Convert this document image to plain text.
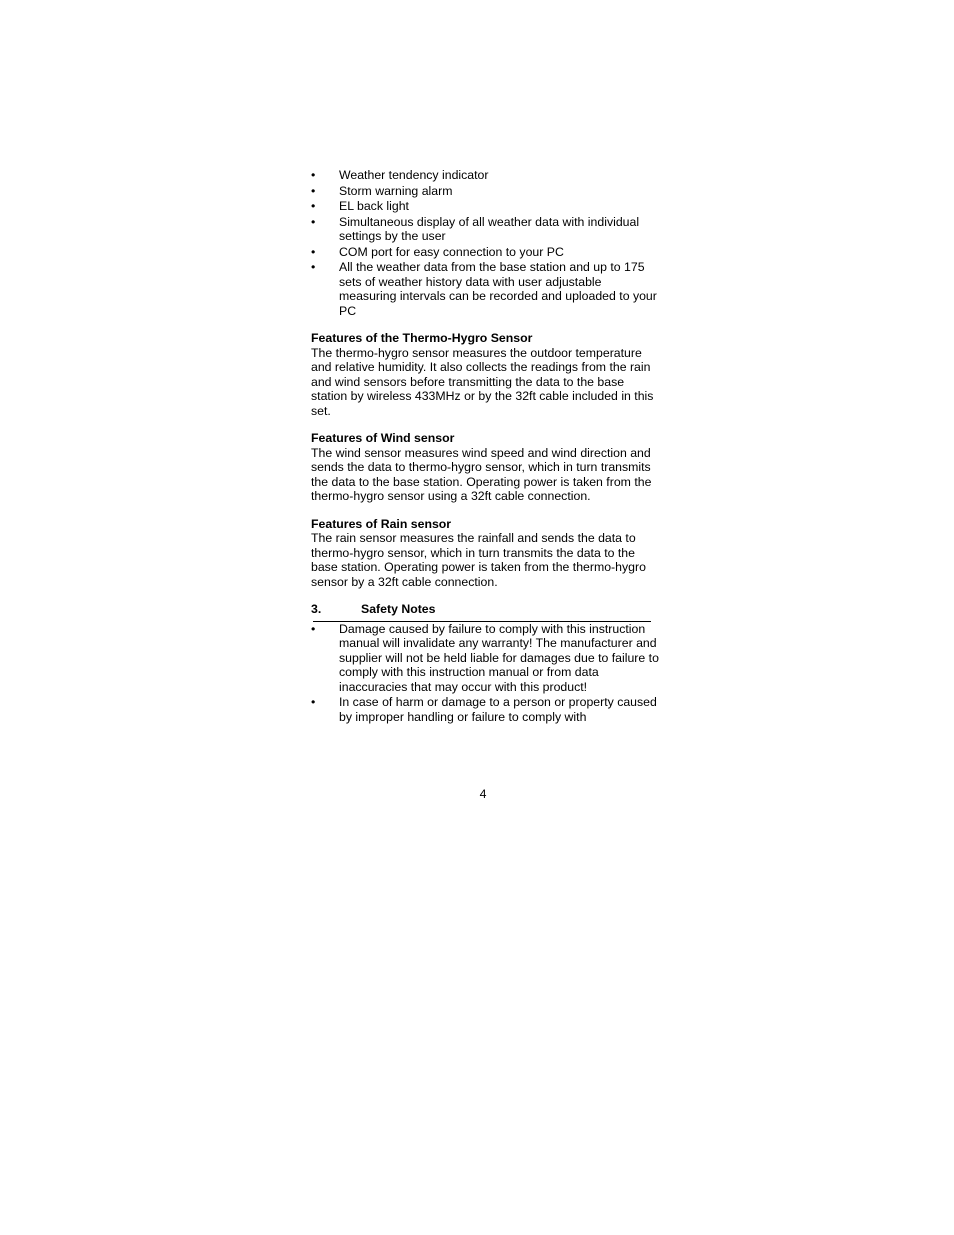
•	Weather tendency indicator
•	Storm warning alarm
•	EL back light
•	Simultaneous display of all weather data with individual settings by the user
•	COM port for easy connection to your PC
•	All the weather data from the base station and up to 175 sets of weather history data with user adjustable measuring intervals can be recorded and uploaded to your PC
Features of the Thermo-Hygro Sensor

The thermo-hygro sensor measures the outdoor temperature and relative humidity. It also collects the readings from the rain and wind sensors before transmitting the data to the base station by wireless 433MHz or by the 32ft cable included in this set.

Features of Wind sensor

The wind sensor measures wind speed and wind direction and sends the data to thermo-hygro sensor, which in turn transmits the data to the base station. Operating power is taken from the thermo-hygro sensor using a 32ft cable connection.

Features of Rain sensor

The rain sensor measures the rainfall and sends the data to thermo-hygro sensor, which in turn transmits the data to the base station. Operating power is taken from the thermo-hygro sensor by a 32ft cable connection.

3.	Safety Notes
•	Damage caused by failure to comply with this instruction manual will invalidate any warranty! The manufacturer and supplier will not be held liable for damages due to failure to comply with this instruction manual or from data inaccuracies that may occur with this product!
•	In case of harm or damage to a person or property caused by improper handling or failure to comply with
4
